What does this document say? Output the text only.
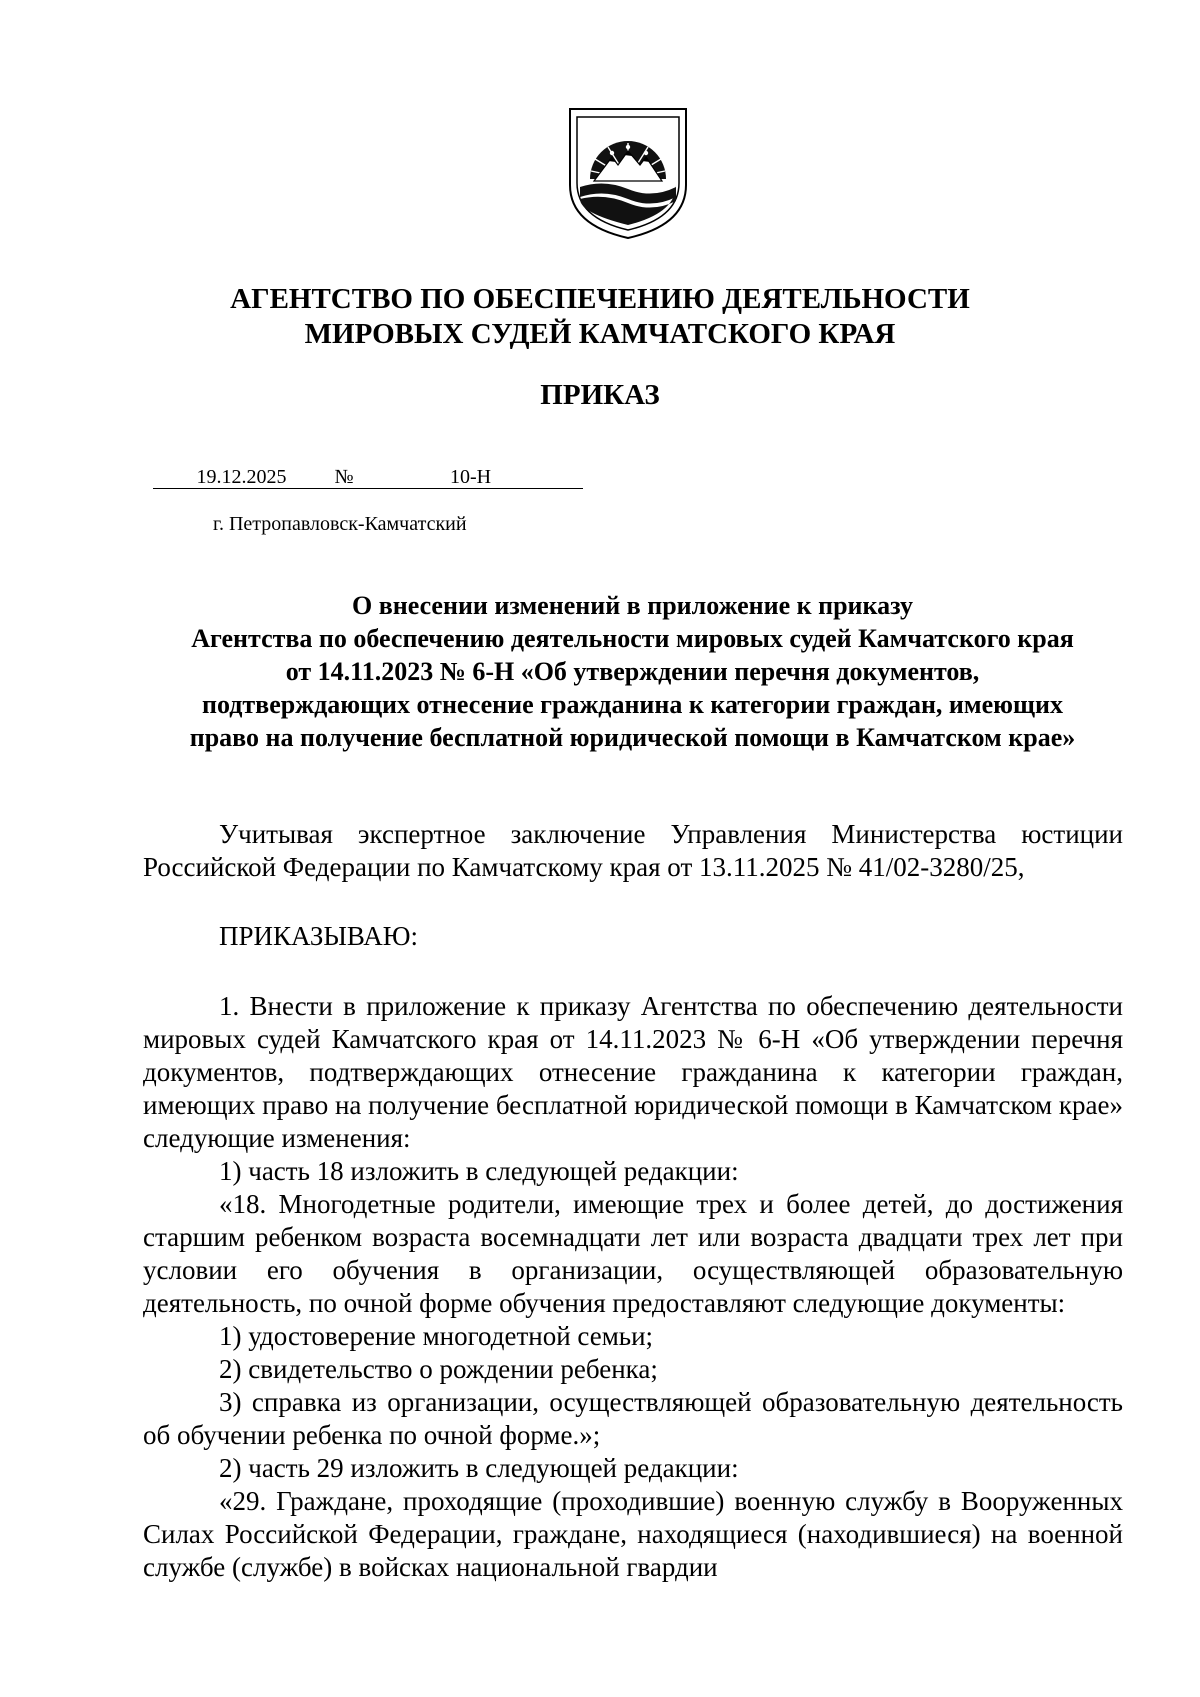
АГЕНТСТВО ПО ОБЕСПЕЧЕНИЮ ДЕЯТЕЛЬНОСТИ
МИРОВЫХ СУДЕЙ КАМЧАТСКОГО КРАЯ
ПРИКАЗ
19.12.2025	№	10-Н
г. Петропавловск-Камчатский
О внесении изменений в приложение к приказу
Агентства по обеспечению деятельности мировых судей Камчатского края
от 14.11.2023 № 6-Н «Об утверждении перечня документов,
подтверждающих отнесение гражданина к категории граждан, имеющих
право на получение бесплатной юридической помощи в Камчатском крае»

Учитывая экспертное заключение Управления Министерства юстиции Российской Федерации по Камчатскому края от 13.11.2025 № 41/02-3280/25,

ПРИКАЗЫВАЮ:

1. Внести в приложение к приказу Агентства по обеспечению деятельности мировых судей Камчатского края от 14.11.2023 № 6-Н «Об утверждении перечня документов, подтверждающих отнесение гражданина к категории граждан, имеющих право на получение бесплатной юридической помощи в Камчатском крае» следующие изменения:

1) часть 18 изложить в следующей редакции:

«18. Многодетные родители, имеющие трех и более детей, до достижения старшим ребенком возраста восемнадцати лет или возраста двадцати трех лет при условии его обучения в организации, осуществляющей образовательную деятельность, по очной форме обучения предоставляют следующие документы:

1) удостоверение многодетной семьи;

2) свидетельство о рождении ребенка;

3) справка из организации, осуществляющей образовательную деятельность об обучении ребенка по очной форме.»;

2) часть 29 изложить в следующей редакции:

«29. Граждане, проходящие (проходившие) военную службу в Вооруженных Силах Российской Федерации, граждане, находящиеся (находившиеся) на военной службе (службе) в войсках национальной гвардии
